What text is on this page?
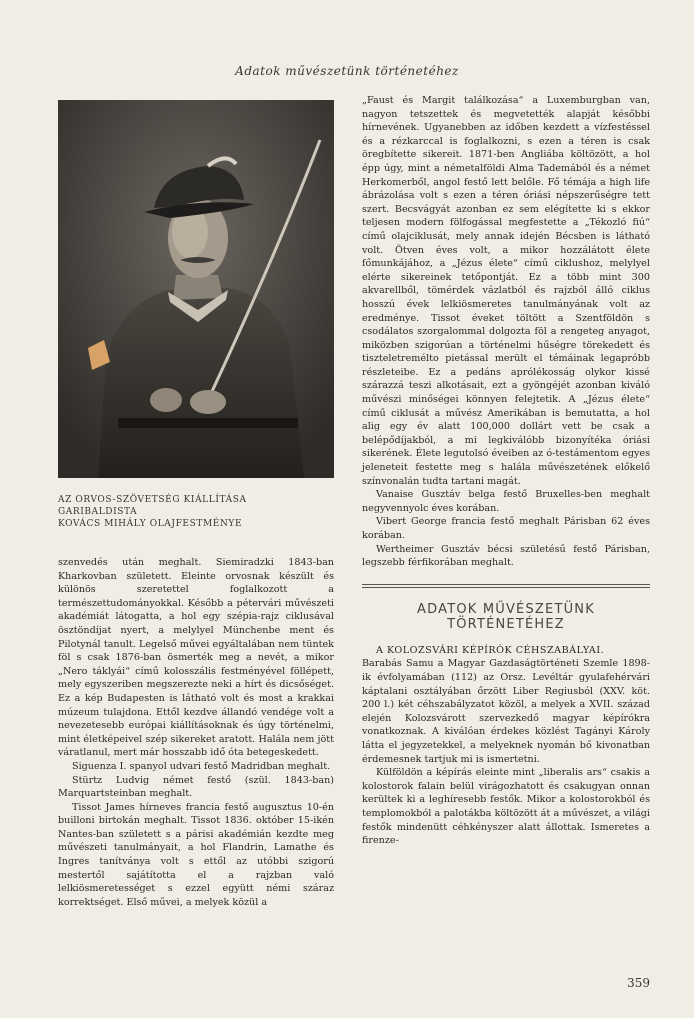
Adatok művészetünk történetéhez
AZ ORVOS-SZÖVETSÉG KIÁLLÍTÁSA
GARIBALDISTA
KOVÁCS MIHÁLY OLAJFESTMÉNYE

szenvedés után meghalt. Siemiradzki 1843-ban Kharkovban született. Eleinte orvosnak készült és különös szeretettel foglalkozott a természettudományokkal. Később a pétervári művészeti akadémiát látogatta, a hol egy szépia-rajz ciklusával ösztöndíjat nyert, a melylyel Münchenbe ment és Pilotynál tanult. Legelső művei egyáltalában nem tüntek föl s csak 1876-ban ösmerték meg a nevét, a mikor „Nero táklyái“ című kolosszális festményével föllépett, mely egyszeriben megszerezte neki a hírt és dicsőséget. Ez a kép Budapesten is látható volt és most a krakkai múzeum tulajdona. Ettől kezdve állandó vendége volt a nevezetesebb európai kiállításoknak és úgy történelmi, mint életképeivel szép sikereket aratott. Halála nem jött váratlanul, mert már hosszabb idő óta betegeskedett.

Siguenza I. spanyol udvari festő Madridban meghalt.

Stürtz Ludvig német festő (szül. 1843-ban) Marquartsteinban meghalt.

Tissot James hírneves francia festő augusztus 10-én builloni birtokán meghalt. Tissot 1836. október 15-ikén Nantes-ban született s a párisi akadémián kezdte meg művészeti tanulmányait, a hol Flandrin, Lamathe és Ingres tanítványa volt s ettől az utóbbi szigorú mestertől sajátította el a rajzban való lelkiösmeretességet s ezzel együtt némi száraz korrektséget. Első művei, a melyek közül a

„Faust és Margit találkozása“ a Luxemburgban van, nagyon tetszettek és megvetették alapját későbbi hírnevének. Ugyanebben az időben kezdett a vízfestéssel és a rézkarccal is foglalkozni, s ezen a téren is csak öregbítette sikereit. 1871-ben Angliába költözött, a hol épp úgy, mint a németalföldi Alma Tademából és a német Herkomerből, angol festő lett belőle. Fő témája a high life ábrázolása volt s ezen a téren óriási népszerűségre tett szert. Becsvágyát azonban ez sem elégítette ki s ekkor teljesen modern fölfogással megfestette a „Tékozló fiú“ című olajciklusát, mely annak idején Bécsben is látható volt. Ötven éves volt, a mikor hozzálátott élete főmunkájához, a „Jézus élete“ című ciklushoz, melylyel elérte sikereinek tetőpontját. Ez a több mint 300 akvarellből, tömérdek vázlatból és rajzból álló ciklus hosszú évek lelkiösmeretes tanulmányának volt az eredménye. Tissot éveket töltött a Szentföldön s csodálatos szorgalommal dolgozta föl a rengeteg anyagot, miközben szigorúan a történelmi hűségre törekedett és tiszteletremélto pietással merült el témáinak legapróbb részleteibe. Ez a pedáns aprólékosság olykor kissé szárazzá teszi alkotásait, ezt a gyöngéjét azonban kiváló művészi minőségei könnyen felejtetik. A „Jézus élete“ című ciklusát a művész Amerikában is bemutatta, a hol alig egy év alatt 100,000 dollárt vett be csak a belépődíjakból, a mi legkiválóbb bizonyítéka óriási sikerének. Élete legutolsó éveiben az ó-testámentom egyes jeleneteit festette meg s halála művészetének előkelő színvonalán tudta tartani magát.

Vanaise Gusztáv belga festő Bruxelles-ben meghalt negyvennyolc éves korában.

Vibert George francia festő meghalt Párisban 62 éves korában.

Wertheimer Gusztáv bécsi születésű festő Párisban, legszebb férfikorában meghalt.

ADATOK MŰVÉSZETÜNK TÖRTÉNETÉHEZ

A KOLOZSVÁRI KÉPÍRÓK CÉHSZABÁLYAI.

Barabás Samu a Magyar Gazdaságtörténeti Szemle 1898-ik évfolyamában (112) az Orsz. Levéltár gyulafehérvári káptalani osztályában őrzött Liber Regiusból (XXV. köt. 200 l.) két céhszabályzatot közöl, a melyek a XVII. század elején Kolozsvárott szervezkedő magyar képírókra vonatkoznak. A kiválóan érdekes közlést Tagányi Károly látta el jegyzetekkel, a melyeknek nyomán bő kivonatban érdemesnek tartjuk mi is ismertetni.

Külföldön a képírás eleinte mint „liberalis ars“ csakis a kolostorok falain belül virágozhatott és csakugyan onnan kerültek ki a leghíresebb festők. Mikor a kolostorokból és templomokból a palotákba költözött át a művészet, a világi festők mindenütt céhkényszer alatt állottak. Ismeretes a firenze-

359
